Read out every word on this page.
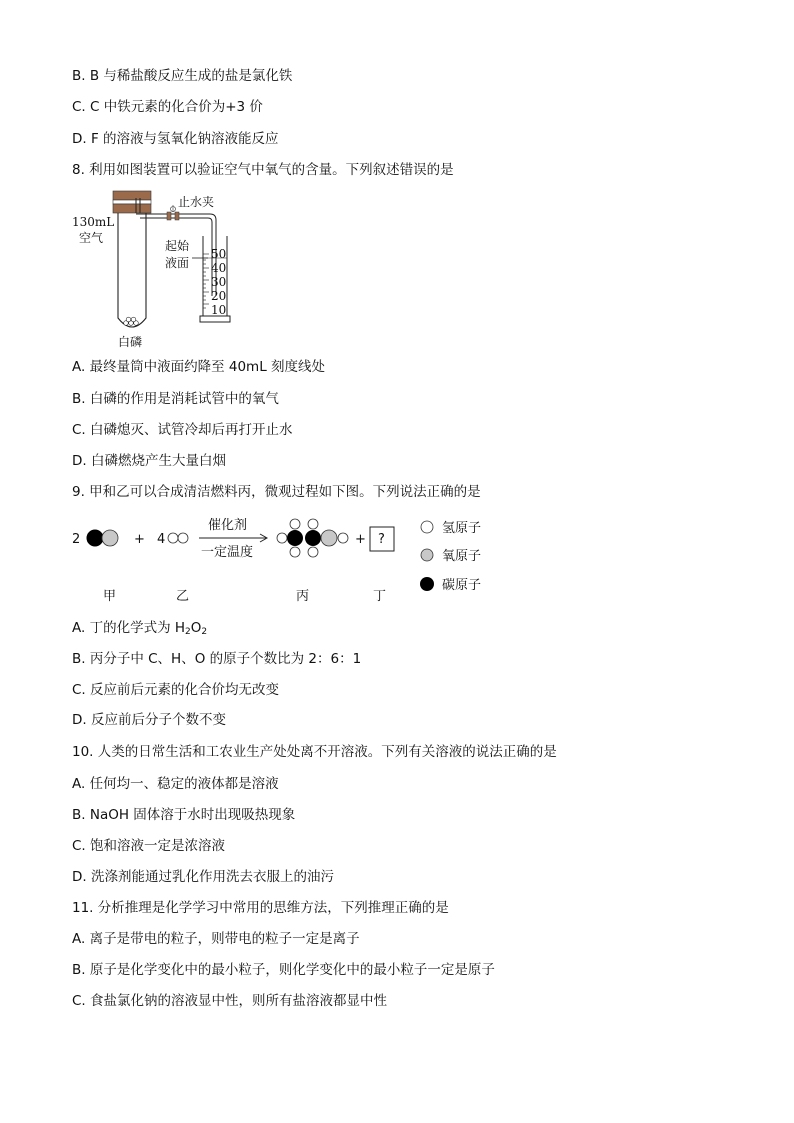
B. B 与稀盐酸反应生成的盐是氯化铁
C. C 中铁元素的化合价为+3 价
D. F 的溶液与氢氧化钠溶液能反应
8. 利用如图装置可以验证空气中氧气的含量。下列叙述错误的是
止水夹
130mL
空气
起始
液面
白磷
50
40
30
20
10
A. 最终量筒中液面约降至 40mL 刻度线处
B. 白磷的作用是消耗试管中的氧气
C. 白磷熄灭、试管冷却后再打开止水
D. 白磷燃烧产生大量白烟
9. 甲和乙可以合成清洁燃料丙，微观过程如下图。下列说法正确的是
2	+ 4
催化剂
一定温度
+ ?
氢原子
氧原子
碳原子
甲	乙	丙	丁
A. 丁的化学式为 $H_2O_2$
B. 丙分子中 C、H、O 的原子个数比为 2：6：1
C. 反应前后元素的化合价均无改变
D. 反应前后分子个数不变
10. 人类的日常生活和工农业生产处处离不开溶液。下列有关溶液的说法正确的是
A. 任何均一、稳定的液体都是溶液
B. NaOH 固体溶于水时出现吸热现象
C. 饱和溶液一定是浓溶液
D. 洗涤剂能通过乳化作用洗去衣服上的油污
11. 分析推理是化学学习中常用的思维方法，下列推理正确的是
A. 离子是带电的粒子，则带电的粒子一定是离子
B. 原子是化学变化中的最小粒子，则化学变化中的最小粒子一定是原子
C. 食盐氯化钠的溶液显中性，则所有盐溶液都显中性
